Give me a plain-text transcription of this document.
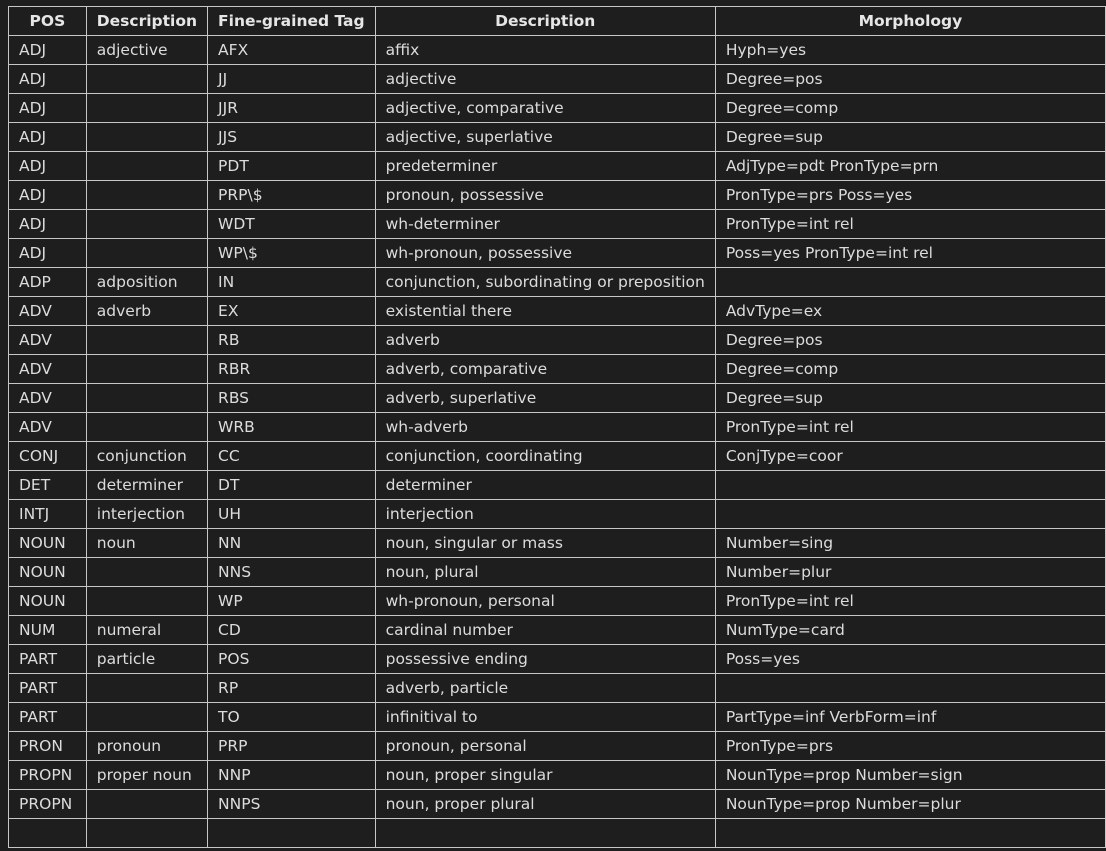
POS	Description	Fine-grained Tag	Description	Morphology
ADJ	adjective	AFX	affix	Hyph=yes
ADJ		JJ	adjective	Degree=pos
ADJ		JJR	adjective, comparative	Degree=comp
ADJ		JJS	adjective, superlative	Degree=sup
ADJ		PDT	predeterminer	AdjType=pdt PronType=prn
ADJ		PRP\$	pronoun, possessive	PronType=prs Poss=yes
ADJ		WDT	wh-determiner	PronType=int rel
ADJ		WP\$	wh-pronoun, possessive	Poss=yes PronType=int rel
ADP	adposition	IN	conjunction, subordinating or preposition	
ADV	adverb	EX	existential there	AdvType=ex
ADV		RB	adverb	Degree=pos
ADV		RBR	adverb, comparative	Degree=comp
ADV		RBS	adverb, superlative	Degree=sup
ADV		WRB	wh-adverb	PronType=int rel
CONJ	conjunction	CC	conjunction, coordinating	ConjType=coor
DET	determiner	DT	determiner	
INTJ	interjection	UH	interjection	
NOUN	noun	NN	noun, singular or mass	Number=sing
NOUN		NNS	noun, plural	Number=plur
NOUN		WP	wh-pronoun, personal	PronType=int rel
NUM	numeral	CD	cardinal number	NumType=card
PART	particle	POS	possessive ending	Poss=yes
PART		RP	adverb, particle	
PART		TO	infinitival to	PartType=inf VerbForm=inf
PRON	pronoun	PRP	pronoun, personal	PronType=prs
PROPN	proper noun	NNP	noun, proper singular	NounType=prop Number=sign
PROPN		NNPS	noun, proper plural	NounType=prop Number=plur
